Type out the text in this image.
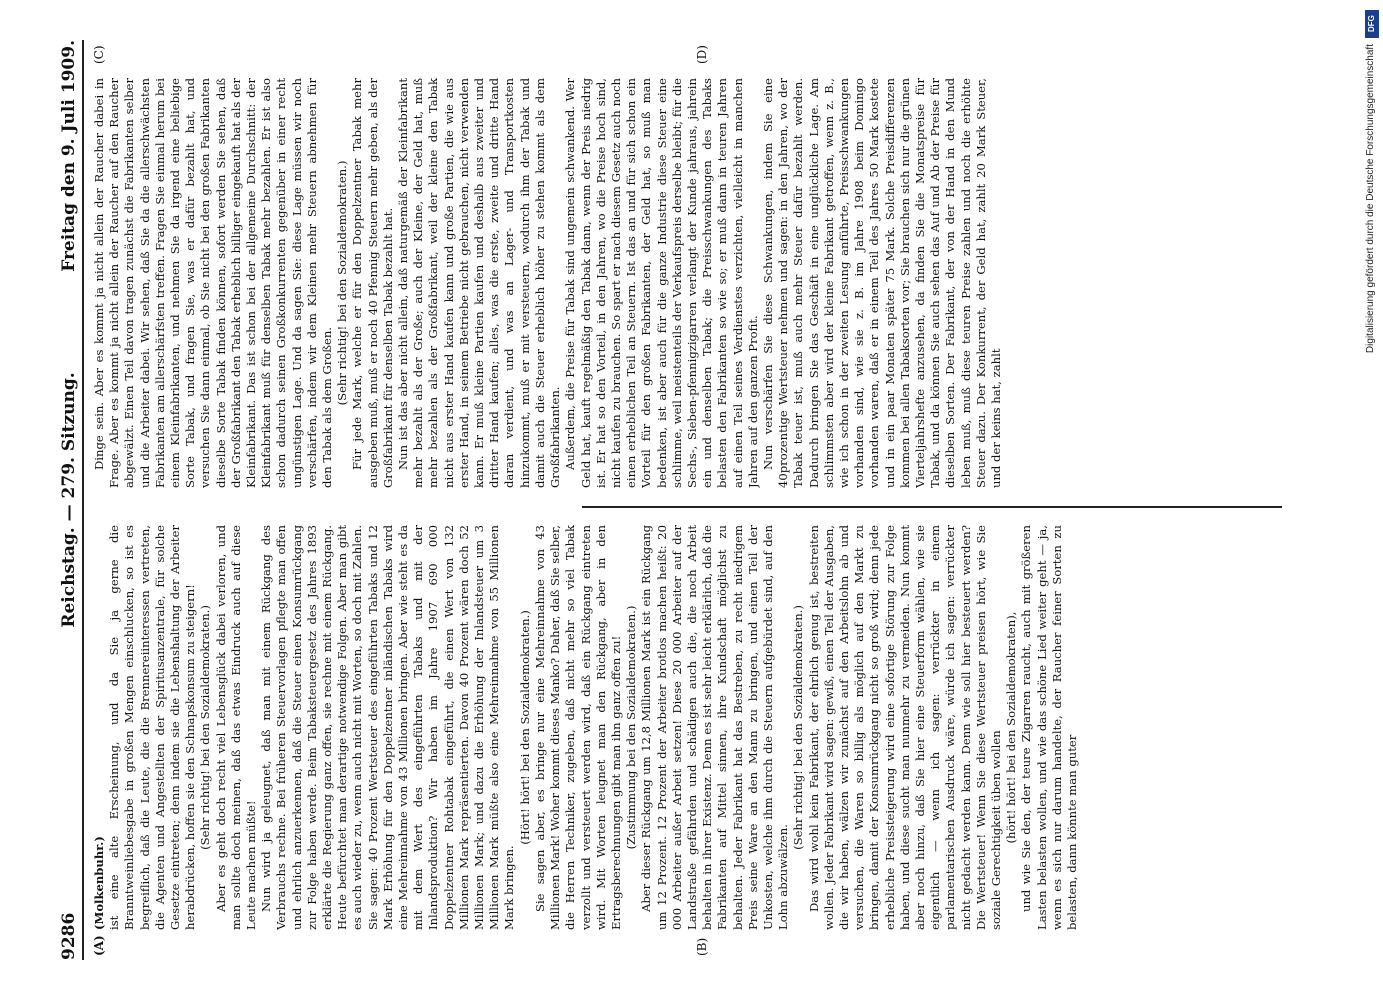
9286
Reichstag. — 279. Sitzung.
Freitag den 9. Juli 1909.
(A)	(B)
(C)	(D)

(Molkenbuhr.) ist eine alte Erscheinung, und da Sie ja gerne die Branntweinliebesgabe in großen Mengen einschlucken, so ist es begreiflich, daß die Leute, die die Brennereiinteressen vertreten, die Agenten und Angestellten der Spiritusanzentrale, für solche Gesetze eintreten; denn indem sie die Lebenshaltung der Arbeiter herabdrücken, hoffen sie den Schnapskonsum zu steigern! (Sehr richtig! bei den Sozialdemokraten.) Aber es geht doch recht viel Lebensglück dabei verloren, und man sollte doch meinen, daß das etwas Eindruck auch auf diese Leute machen müßte! Nun wird ja geleugnet, daß man mit einem Rückgang des Verbrauchs rechne. Bei früheren Steuervorlagen pflegte man offen und ehrlich anzuerkennen, daß die Steuer einen Konsumrückgang zur Folge haben werde. Beim Tabaksteuergesetz des Jahres 1893 erklärte die Regierung ganz offen, sie rechne mit einem Rückgang. Heute befürchtet man derartige notwendige Folgen. Aber man gibt es auch wieder zu, wenn auch nicht mit Worten, so doch mit Zahlen. Sie sagen: 40 Prozent Wertsteuer des eingeführten Tabaks und 12 Mark Erhöhung für den Doppelzentner inländischen Tabaks wird eine Mehreinnahme von 43 Millionen bringen. Aber wie steht es da mit dem Wert des eingeführten Tabaks und mit der Inlandsproduktion? Wir haben im Jahre 1907 690 000 Doppelzentner Rohtabak eingeführt, die einen Wert von 132 Millionen Mark repräsentierten. Davon 40 Prozent wären doch 52 Millionen Mark; und dazu die Erhöhung der Inlandsteuer um 3 Millionen Mark müßte also eine Mehreinnahme von 55 Millionen Mark bringen.

(Hört! hört! bei den Sozialdemokraten.) Sie sagen aber, es bringe nur eine Mehreinnahme von 43 Millionen Mark! Woher kommt dieses Manko? Daher, daß Sie selber, die Herren Techniker, zugeben, daß nicht mehr so viel Tabak verzollt und versteuert werden wird, daß ein Rückgang eintreten wird. Mit Worten leugnet man den Rückgang, aber in den Ertragsberechnungen gibt man ihn ganz offen zu! (Zustimmung bei den Sozialdemokraten.) Aber dieser Rückgang um 12,8 Millionen Mark ist ein Rückgang um 12 Prozent. 12 Prozent der Arbeiter brotlos machen heißt: 20 000 Arbeiter außer Arbeit setzen! Diese 20 000 Arbeiter auf der Landstraße gefährden und schädigen auch die, die noch Arbeit behalten in ihrer Existenz. Denn es ist sehr leicht erklärlich, daß die Fabrikanten auf Mittel sinnen, ihre Kundschaft möglichst zu behalten. Jeder Fabrikant hat das Bestreben, zu recht niedrigem Preis seine Ware an den Mann zu bringen, und einen Teil der Unkosten, welche ihm durch die Steuern aufgebürdet sind, auf den Lohn abzuwälzen.

(Sehr richtig! bei den Sozialdemokraten.) Das wird wohl kein Fabrikant, der ehrlich genug ist, bestreiten wollen. Jeder Fabrikant wird sagen: gewiß, einen Teil der Ausgaben, die wir haben, wälzen wir zunächst auf den Arbeitslohn ab und versuchen, die Waren so billig als möglich auf den Markt zu bringen, damit der Konsumrückgang nicht so groß wird; denn jede erhebliche Preissteigerung wird eine sofortige Störung zur Folge haben, und diese sucht man nunmehr zu vermeiden. Nun kommt aber noch hinzu, daß Sie hier eine Steuerform wählen, wie sie eigentlich — wenn ich sagen: verrückter in einem parlamentarischen Ausdruck wäre, würde ich sagen: verrückter nicht gedacht werden kann. Denn wie soll hier besteuert werden? Die Wertsteuer! Wenn Sie diese Wertsteuer preisen hört, wie Sie soziale Gerechtigkeit üben wollen (hört! hört! bei den Sozialdemokraten), und wie Sie den, der teure Zigarren raucht, auch mit größeren Lasten belasten wollen, und wie das schöne Lied weiter geht — ja, wenn es sich nur darum handelte, der Raucher feiner Sorten zu belasten, dann könnte man guter

Dinge sein. Aber es kommt ja nicht allein der Raucher dabei in Frage. Aber es kommt ja nicht allein der Raucher auf den Raucher abgewälzt. Einen Teil davon tragen zunächst die Fabrikanten selber und die Arbeiter dabei. Wir sehen, daß Sie da die allerschwächsten Fabrikanten am allerschärfsten treffen. Fragen Sie einmal herum bei einem Kleinfabrikanten, und nehmen Sie da irgend eine beliebige Sorte Tabak, und fragen Sie, was er dafür bezahlt hat, und versuchen Sie dann einmal, ob Sie nicht bei den großen Fabrikanten dieselbe Sorte Tabak finden können, sofort werden Sie sehen, daß der Großfabrikant den Tabak erheblich billiger eingekauft hat als der Kleinfabrikant. Das ist schon bei der allgemeine Durchschnitt: der Kleinfabrikant muß für denselben Tabak mehr bezahlen. Er ist also schon dadurch seinen Großkonkurrenten gegenüber in einer recht ungünstigen Lage. Und da sagen Sie: diese Lage müssen wir noch verschärfen, indem wir dem Kleinen mehr Steuern abnehmen für den Tabak als dem Großen.

(Sehr richtig! bei den Sozialdemokraten.) Für jede Mark, welche er für den Doppelzentner Tabak mehr ausgeben muß, muß er noch 40 Pfennig Steuern mehr geben, als der Großfabrikant für denselben Tabak bezahlt hat. Nun ist das aber nicht allein, daß naturgemäß der Kleinfabrikant mehr bezahlt als der Große; auch der Kleine, der Geld hat, muß mehr bezahlen als der Großfabrikant, weil der kleine den Tabak nicht aus erster Hand kaufen kann und große Partien, die wie aus erster Hand, in seinem Betriebe nicht gebrauchen, nicht verwenden kann. Er muß kleine Partien kaufen und deshalb aus zweiter und dritter Hand kaufen; alles, was die erste, zweite und dritte Hand daran verdient, und was an Lager- und Transportkosten hinzukommt, muß er mit versteuern, wodurch ihm der Tabak und damit auch die Steuer erheblich höher zu stehen kommt als dem Großfabrikanten. Außerdem, die Preise für Tabak sind ungemein schwankend. Wer Geld hat, kauft regelmäßig den Tabak dann, wenn der Preis niedrig ist. Er hat so den Vorteil, in den Jahren, wo die Preise hoch sind, nicht kaufen zu brauchen. So spart er nach diesem Gesetz auch noch einen erheblichen Teil an Steuern. Ist das an und für sich schon ein Vorteil für den großen Fabrikanten, der Geld hat, so muß man bedenken, ist aber auch für die ganze Industrie diese Steuer eine schlimme, weil meistenteils der Verkaufspreis derselbe bleibt; für die Sechs-, Sieben-pfennigzigarren verlangt der Kunde jahraus, jahrein ein und denselben Tabak; die Preisschwankungen des Tabaks belasten den Fabrikanten so wie so; er muß dann in teuren Jahren auf einen Teil seines Verdienstes verzichten, vielleicht in manchen Jahren auf den ganzen Profit. Nun verschärfen Sie diese Schwankungen, indem Sie eine 40prozentige Wertsteuer nehmen und sagen: in den Jahren, wo der Tabak teuer ist, muß auch mehr Steuer dafür bezahlt werden. Dadurch bringen Sie das Geschäft in eine unglückliche Lage. Am schlimmsten aber wird der kleine Fabrikant getroffen, wenn z. B., wie ich schon in der zweiten Lesung anführte, Preisschwankungen vorhanden sind, wie sie z. B. im Jahre 1908 beim Domingo vorhanden waren, daß er in einem Teil des Jahres 50 Mark kostete und in ein paar Monaten später 75 Mark. Solche Preisdifferenzen kommen bei allen Tabaksorten vor; Sie brauchen sich nur die grünen Vierteljahrshefte anzusehen, da finden Sie die Monatspreise für Tabak, und da können Sie auch sehen das Auf und Ab der Preise für dieselben Sorten. Der Fabrikant, der von der Hand in den Mund leben muß, muß diese teuren Preise zahlen und noch die erhöhte Steuer dazu. Der Konkurrent, der Geld hat, zahlt 20 Mark Steuer, und der keins hat, zahlt

DFG
Digitalisierung gefördert durch die Deutsche Forschungsgemeinschaft
